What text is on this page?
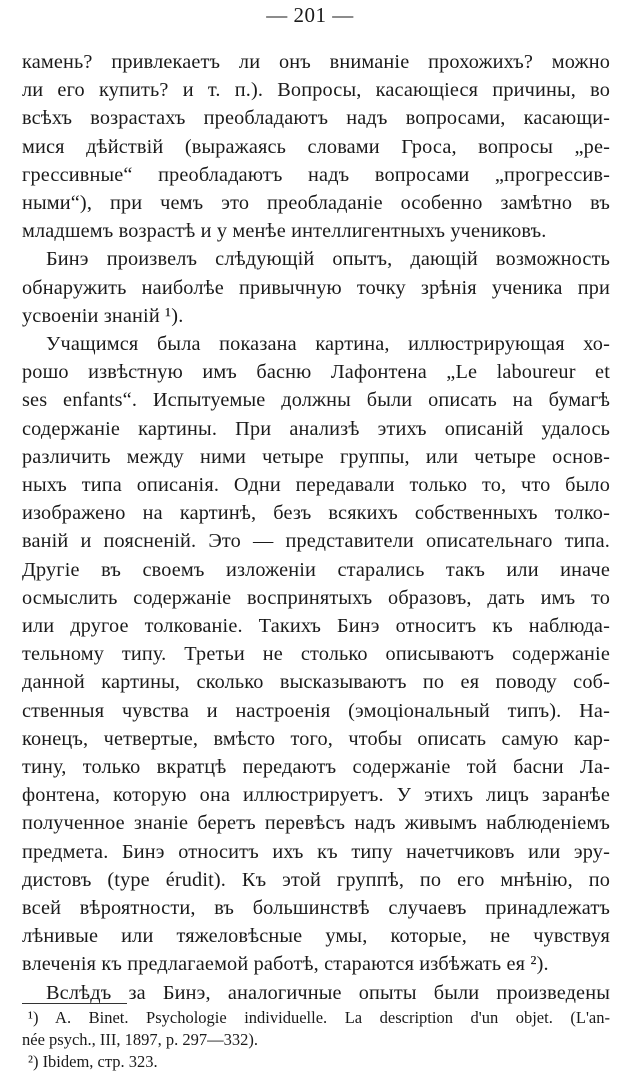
— 201 —
камень? привлекаетъ ли онъ вниманіе прохожихъ? можно
ли его купить? и т. п.). Вопросы, касающіеся причины, во
всѣхъ возрастахъ преобладаютъ надъ вопросами, касающи-
мися дѣйствій (выражаясь словами Гроса, вопросы „ре-
грессивные“ преобладаютъ надъ вопросами „прогрессив-
ными“), при чемъ это преобладаніе особенно замѣтно въ
младшемъ возрастѣ и у менѣе интеллигентныхъ учениковъ.
Бинэ произвелъ слѣдующій опытъ, дающій возможность
обнаружить наиболѣе привычную точку зрѣнія ученика при
усвоеніи знаній ¹).
Учащимся была показана картина, иллюстрирующая хо-
рошо извѣстную имъ басню Лафонтена „Le laboureur et
ses enfants“. Испытуемые должны были описать на бумагѣ
содержаніе картины. При анализѣ этихъ описаній удалось
различить между ними четыре группы, или четыре основ-
ныхъ типа описанія. Одни передавали только то, что было
изображено на картинѣ, безъ всякихъ собственныхъ толко-
ваній и поясненій. Это — представители описательнаго типа.
Другіе въ своемъ изложеніи старались такъ или иначе
осмыслить содержаніе воспринятыхъ образовъ, дать имъ то
или другое толкованіе. Такихъ Бинэ относитъ къ наблюда-
тельному типу. Третьи не столько описываютъ содержаніе
данной картины, сколько высказываютъ по ея поводу соб-
ственныя чувства и настроенія (эмоціональный типъ). На-
конецъ, четвертые, вмѣсто того, чтобы описать самую кар-
тину, только вкратцѣ передаютъ содержаніе той басни Ла-
фонтена, которую она иллюстрируетъ. У этихъ лицъ заранѣе
полученное знаніе беретъ перевѣсъ надъ живымъ наблюденіемъ
предмета. Бинэ относитъ ихъ къ типу начетчиковъ или эру-
дистовъ (type érudit). Къ этой группѣ, по его мнѣнію, по
всей вѣроятности, въ большинствѣ случаевъ принадлежатъ
лѣнивые или тяжеловѣсные умы, которые, не чувствуя
влеченія къ предлагаемой работѣ, стараются избѣжать ея ²).
Вслѣдъ за Бинэ, аналогичные опыты были произведены
¹) A. Binet. Psychologie individuelle. La description d'un objet. (L'an-
née psych., III, 1897, p. 297—332).
²) Ibidem, стр. 323.
